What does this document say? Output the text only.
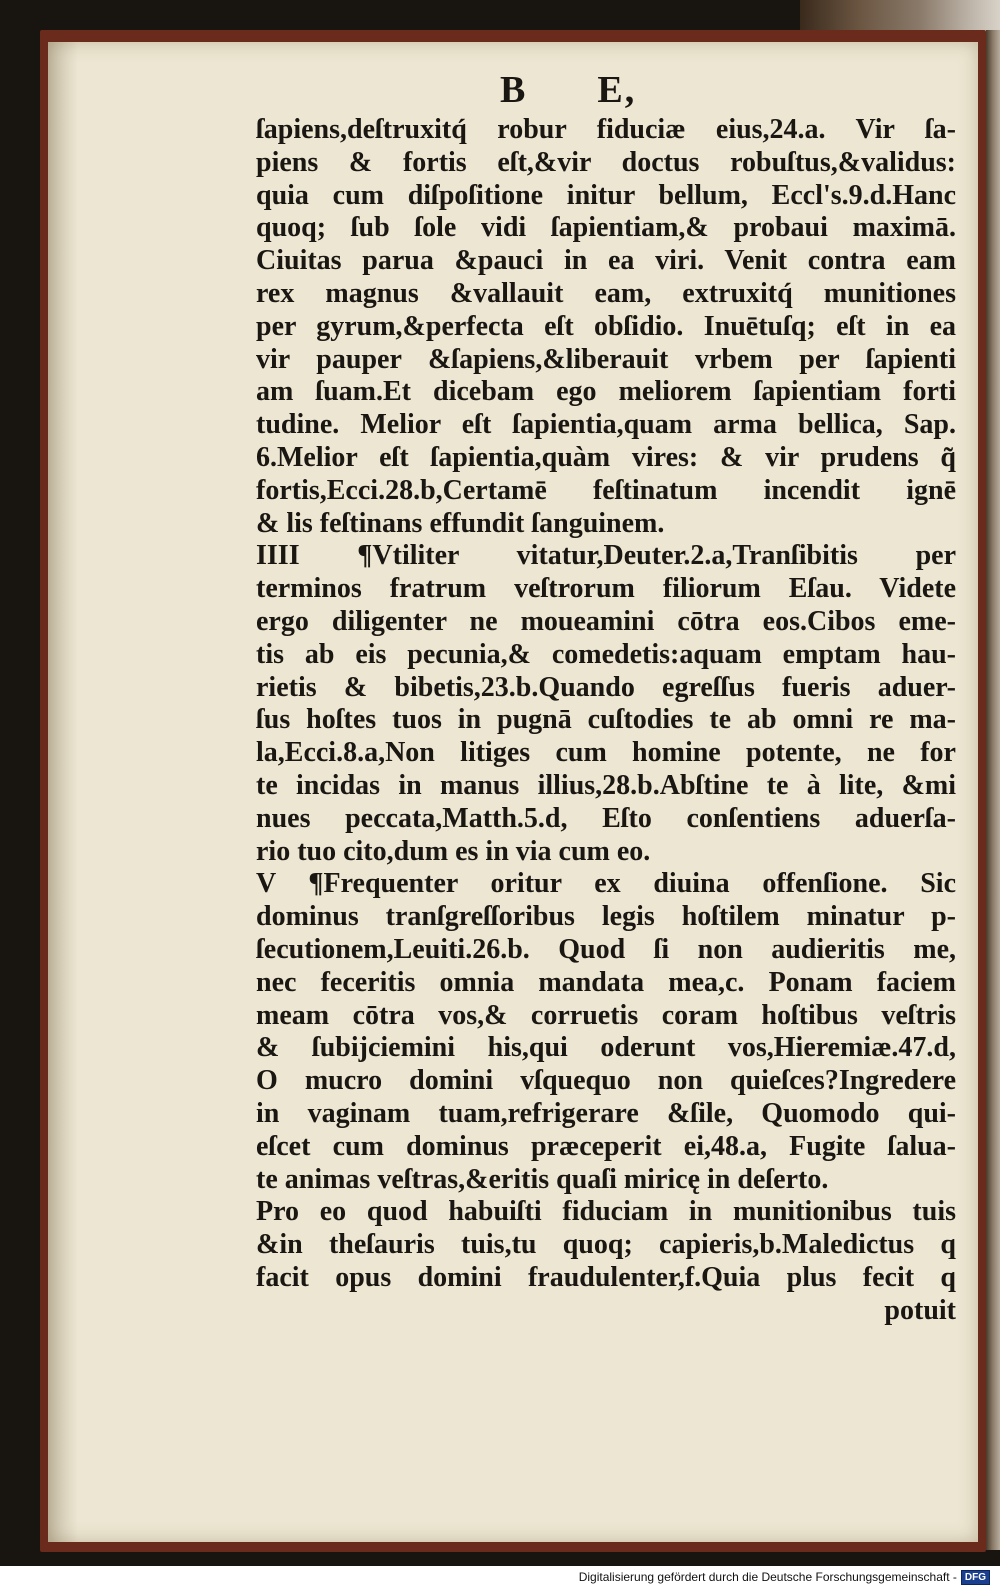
B E,
ſapiens,deſtruxitq́ robur fiduciæ eius,24.a. Vir ſa-
piens & fortis eſt,&vir doctus robuſtus,&validus:
quia cum diſpoſitione initur bellum, Eccl's.9.d.Hanc
quoq; ſub ſole vidi ſapientiam,& probaui maximā.
Ciuitas parua &pauci in ea viri. Venit contra eam
rex magnus &vallauit eam, extruxitq́ munitiones
per gyrum,&perfecta eſt obſidio. Inuētuſq; eſt in ea
vir pauper &ſapiens,&liberauit vrbem per ſapienti
am ſuam.Et dicebam ego meliorem ſapientiam forti
tudine. Melior eſt ſapientia,quam arma bellica, Sap.
6.Melior eſt ſapientia,quàm vires: & vir prudens q̃
fortis,Ecci.28.b,Certamē feſtinatum incendit ignē
& lis feſtinans effundit ſanguinem.
IIII ¶Vtiliter vitatur,Deuter.2.a,Tranſibitis per
terminos fratrum veſtrorum filiorum Eſau. Videte
ergo diligenter ne moueamini cōtra eos.Cibos eme-
tis ab eis pecunia,& comedetis:aquam emptam hau-
rietis & bibetis,23.b.Quando egreſſus fueris aduer-
ſus hoſtes tuos in pugnā cuſtodies te ab omni re ma-
la,Ecci.8.a,Non litiges cum homine potente, ne for
te incidas in manus illius,28.b.Abſtine te à lite, &mi
nues peccata,Matth.5.d, Eſto conſentiens aduerſa-
rio tuo cito,dum es in via cum eo.
V ¶Frequenter oritur ex diuina offenſione. Sic
dominus tranſgreſſoribus legis hoſtilem minatur p-
ſecutionem,Leuiti.26.b. Quod ſi non audieritis me,
nec feceritis omnia mandata mea,c. Ponam faciem
meam cōtra vos,& corruetis coram hoſtibus veſtris
& ſubijciemini his,qui oderunt vos,Hieremiæ.47.d,
O mucro domini vſquequo non quieſces?Ingredere
in vaginam tuam,refrigerare &ſile, Quomodo qui-
eſcet cum dominus præceperit ei,48.a, Fugite ſalua-
te animas veſtras,&eritis quaſi miricę in deſerto.
Pro eo quod habuiſti fiduciam in munitionibus tuis
&in theſauris tuis,tu quoq; capieris,b.Maledictus q
facit opus domini fraudulenter,f.Quia plus fecit q
potuit
Digitalisierung gefördert durch die Deutsche Forschungsgemeinschaft - DFG
